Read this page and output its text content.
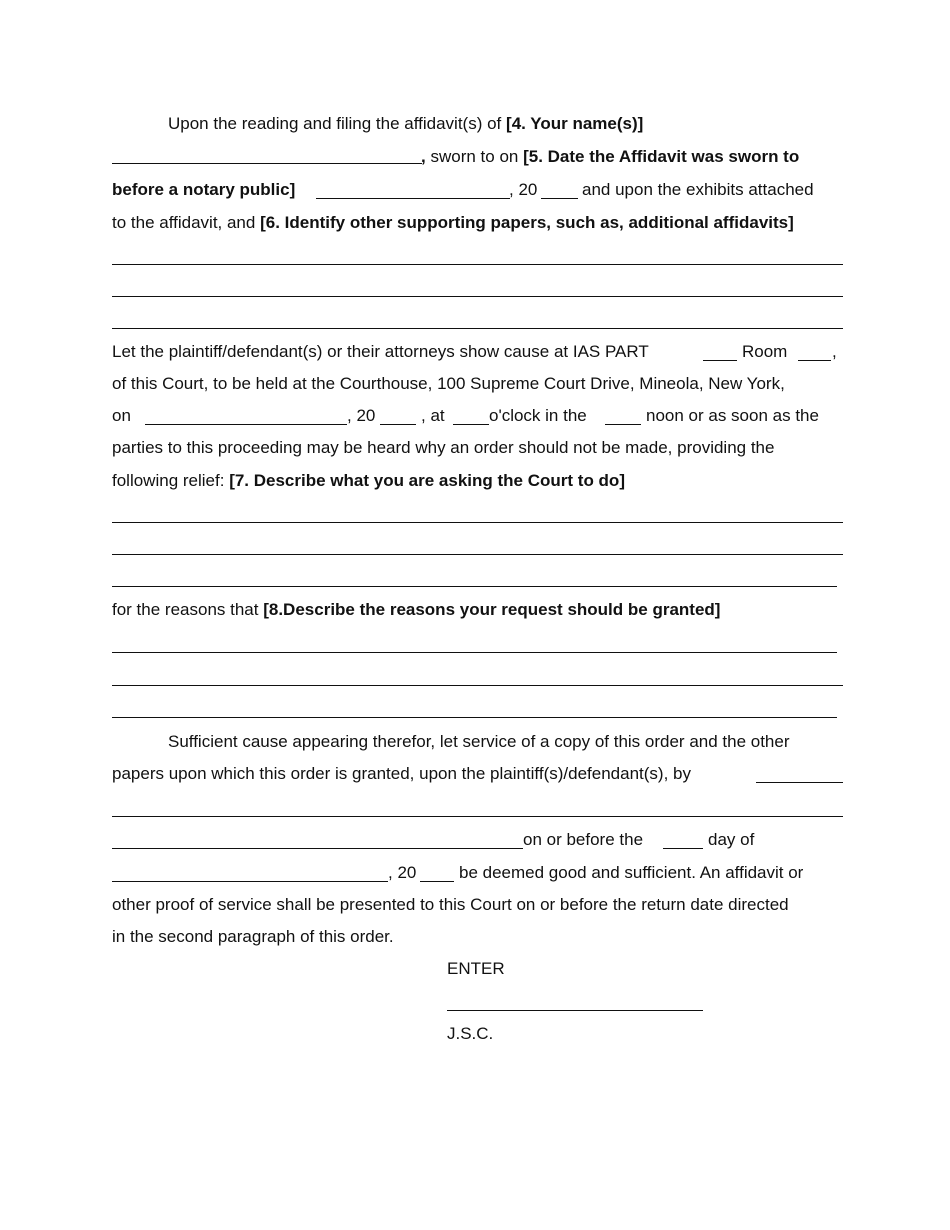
Upon the reading and filing the affidavit(s) of [4. Your name(s)]
, sworn to on [5. Date the Affidavit was sworn to
before a notary public]	, 20	and upon the exhibits attached
to the affidavit, and [6. Identify other supporting papers, such as, additional affidavits]
Let the plaintiff/defendant(s) or their attorneys show cause at IAS PART	Room	,
of this Court, to be held at the Courthouse, 100 Supreme Court Drive, Mineola, New York,
on	, 20	, at	o'clock in the	noon or as soon as the
parties to this proceeding may be heard why an order should not be made, providing the
following relief: [7. Describe what you are asking the Court to do]
for the reasons that [8.Describe the reasons your request should be granted]
Sufficient cause appearing therefor, let service of a copy of this order and the other
papers upon which this order is granted, upon the plaintiff(s)/defendant(s), by
on or before the	day of
, 20	be deemed good and sufficient. An affidavit or
other proof of service shall be presented to this Court on or before the return date directed
in the second paragraph of this order.
ENTER
J.S.C.
